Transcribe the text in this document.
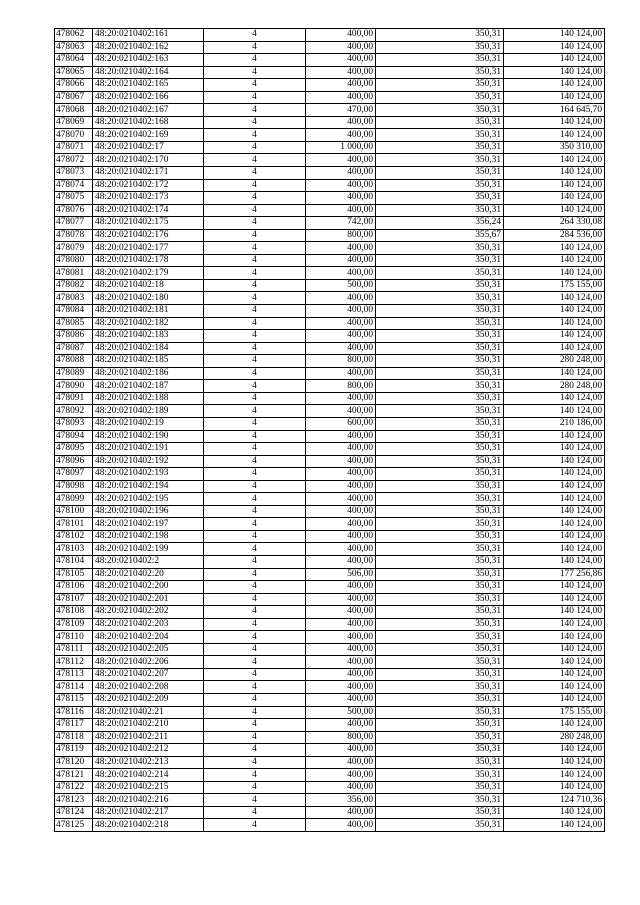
478062	48:20:0210402:161	4	400,00	350,31	140 124,00
478063	48:20:0210402:162	4	400,00	350,31	140 124,00
478064	48:20:0210402:163	4	400,00	350,31	140 124,00
478065	48:20:0210402:164	4	400,00	350,31	140 124,00
478066	48:20:0210402:165	4	400,00	350,31	140 124,00
478067	48:20:0210402:166	4	400,00	350,31	140 124,00
478068	48:20:0210402:167	4	470,00	350,31	164 645,70
478069	48:20:0210402:168	4	400,00	350,31	140 124,00
478070	48:20:0210402:169	4	400,00	350,31	140 124,00
478071	48:20:0210402:17	4	1 000,00	350,31	350 310,00
478072	48:20:0210402:170	4	400,00	350,31	140 124,00
478073	48:20:0210402:171	4	400,00	350,31	140 124,00
478074	48:20:0210402:172	4	400,00	350,31	140 124,00
478075	48:20:0210402:173	4	400,00	350,31	140 124,00
478076	48:20:0210402:174	4	400,00	350,31	140 124,00
478077	48:20:0210402:175	4	742,00	356,24	264 330,08
478078	48:20:0210402:176	4	800,00	355,67	284 536,00
478079	48:20:0210402:177	4	400,00	350,31	140 124,00
478080	48:20:0210402:178	4	400,00	350,31	140 124,00
478081	48:20:0210402:179	4	400,00	350,31	140 124,00
478082	48:20:0210402:18	4	500,00	350,31	175 155,00
478083	48:20:0210402:180	4	400,00	350,31	140 124,00
478084	48:20:0210402:181	4	400,00	350,31	140 124,00
478085	48:20:0210402:182	4	400,00	350,31	140 124,00
478086	48:20:0210402:183	4	400,00	350,31	140 124,00
478087	48:20:0210402:184	4	400,00	350,31	140 124,00
478088	48:20:0210402:185	4	800,00	350,31	280 248,00
478089	48:20:0210402:186	4	400,00	350,31	140 124,00
478090	48:20:0210402:187	4	800,00	350,31	280 248,00
478091	48:20:0210402:188	4	400,00	350,31	140 124,00
478092	48:20:0210402:189	4	400,00	350,31	140 124,00
478093	48:20:0210402:19	4	600,00	350,31	210 186,00
478094	48:20:0210402:190	4	400,00	350,31	140 124,00
478095	48:20:0210402:191	4	400,00	350,31	140 124,00
478096	48:20:0210402:192	4	400,00	350,31	140 124,00
478097	48:20:0210402:193	4	400,00	350,31	140 124,00
478098	48:20:0210402:194	4	400,00	350,31	140 124,00
478099	48:20:0210402:195	4	400,00	350,31	140 124,00
478100	48:20:0210402:196	4	400,00	350,31	140 124,00
478101	48:20:0210402:197	4	400,00	350,31	140 124,00
478102	48:20:0210402:198	4	400,00	350,31	140 124,00
478103	48:20:0210402:199	4	400,00	350,31	140 124,00
478104	48:20:0210402:2	4	400,00	350,31	140 124,00
478105	48:20:0210402:20	4	506,00	350,31	177 256,86
478106	48:20:0210402:200	4	400,00	350,31	140 124,00
478107	48:20:0210402:201	4	400,00	350,31	140 124,00
478108	48:20:0210402:202	4	400,00	350,31	140 124,00
478109	48:20:0210402:203	4	400,00	350,31	140 124,00
478110	48:20:0210402:204	4	400,00	350,31	140 124,00
478111	48:20:0210402:205	4	400,00	350,31	140 124,00
478112	48:20:0210402:206	4	400,00	350,31	140 124,00
478113	48:20:0210402:207	4	400,00	350,31	140 124,00
478114	48:20:0210402:208	4	400,00	350,31	140 124,00
478115	48:20:0210402:209	4	400,00	350,31	140 124,00
478116	48:20:0210402:21	4	500,00	350,31	175 155,00
478117	48:20:0210402:210	4	400,00	350,31	140 124,00
478118	48:20:0210402:211	4	800,00	350,31	280 248,00
478119	48:20:0210402:212	4	400,00	350,31	140 124,00
478120	48:20:0210402:213	4	400,00	350,31	140 124,00
478121	48:20:0210402:214	4	400,00	350,31	140 124,00
478122	48:20:0210402:215	4	400,00	350,31	140 124,00
478123	48:20:0210402:216	4	356,00	350,31	124 710,36
478124	48:20:0210402:217	4	400,00	350,31	140 124,00
478125	48:20:0210402:218	4	400,00	350,31	140 124,00
